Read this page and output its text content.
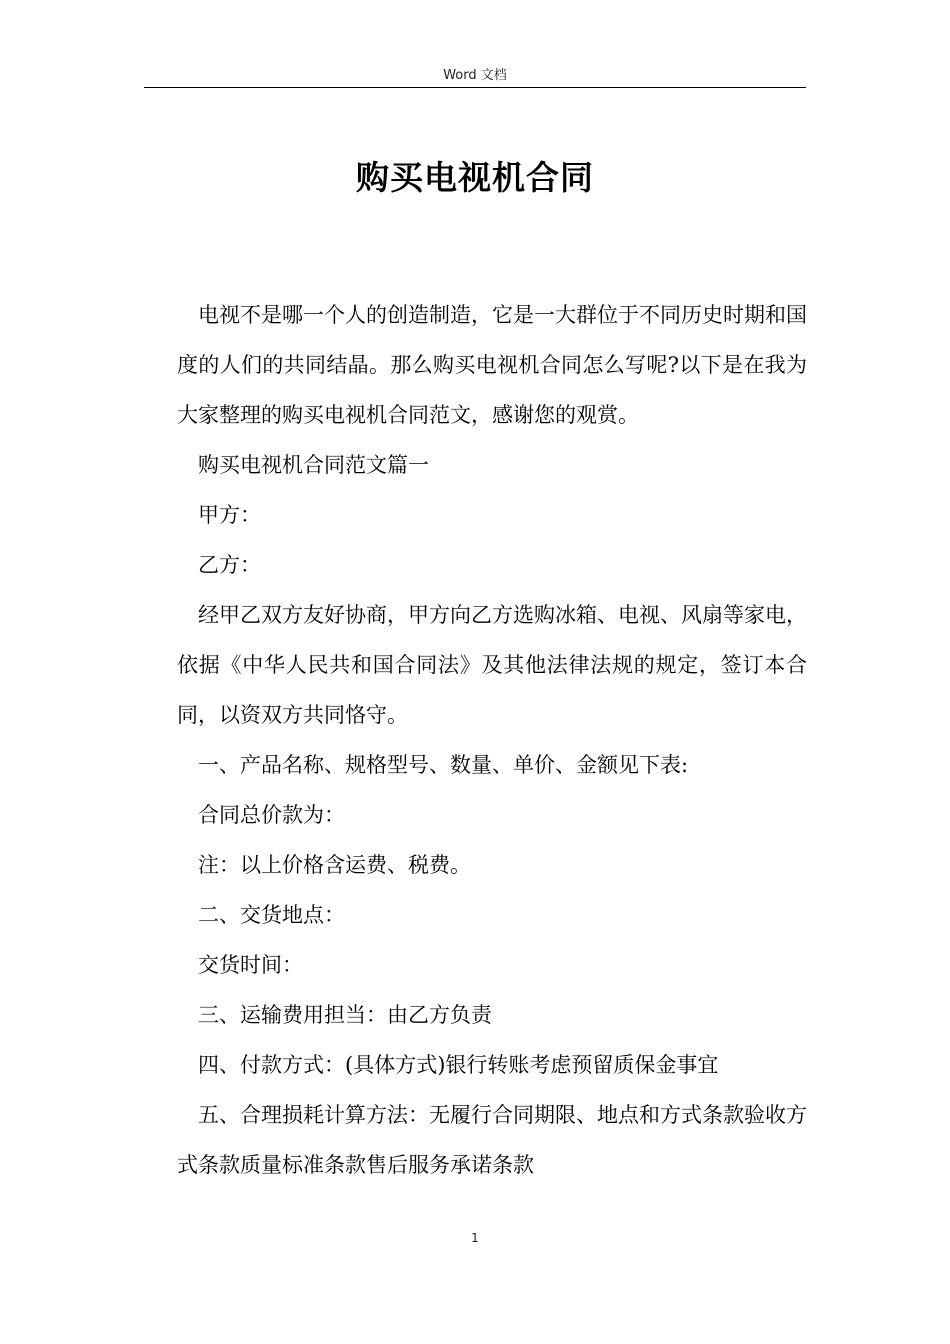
Word 文档
购买电视机合同

电视不是哪一个人的创造制造，它是一大群位于不同历史时期和国度的人们的共同结晶。那么购买电视机合同怎么写呢?以下是在我为大家整理的购买电视机合同范文，感谢您的观赏。

购买电视机合同范文篇一

甲方：

乙方：

经甲乙双方友好协商，甲方向乙方选购冰箱、电视、风扇等家电，依据《中华人民共和国合同法》及其他法律法规的规定，签订本合同，以资双方共同恪守。

一、产品名称、规格型号、数量、单价、金额见下表:

合同总价款为：

注：以上价格含运费、税费。

二、交货地点：

交货时间：

三、运输费用担当：由乙方负责

四、付款方式：(具体方式)银行转账考虑预留质保金事宜

五、合理损耗计算方法：无履行合同期限、地点和方式条款验收方式条款质量标准条款售后服务承诺条款

1
